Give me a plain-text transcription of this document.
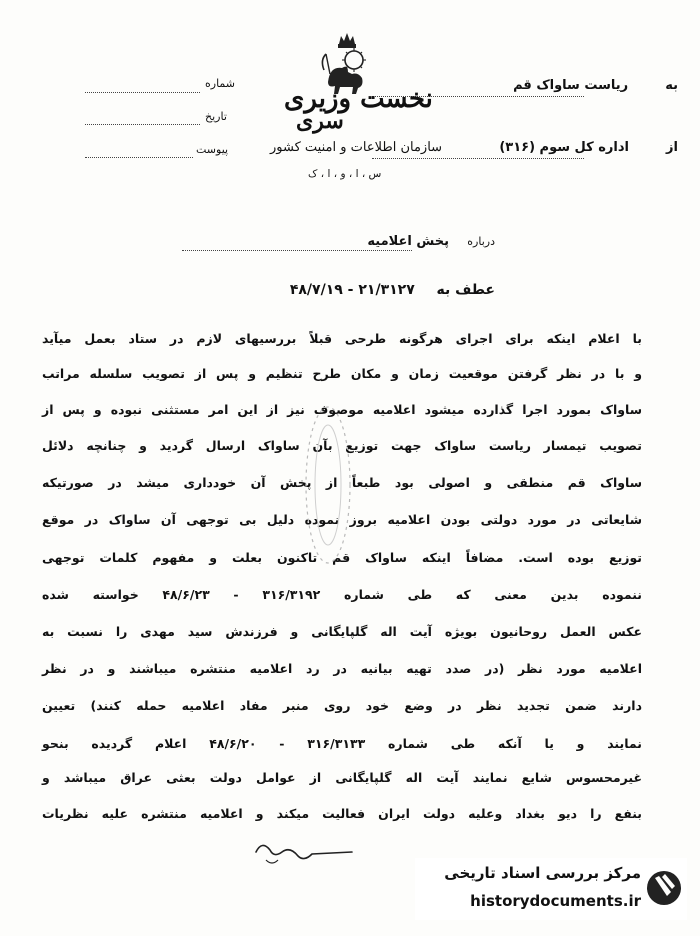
به  ریاست ساواک قم
از  اداره کل سوم (۳۱۶)
شماره
تاریخ
پیوست
نخست وزیری
سری
سازمان اطلاعات و امنیت کشور
س ، ا ، و ، ا ، ک
درباره  پخش اعلامیه
عطف به  ۲۱/۳۱۲۷ - ۴۸/۷/۱۹
با اعلام اینکه برای اجرای هرگونه طرحی قبلاً بررسیهای لازم در ستاد بعمل میآید
و با در نظر گرفتن موقعیت زمان و مکان طرح تنظیم و پس از تصویب سلسله مراتب
ساواک بمورد اجرا گذارده میشود اعلامیه موصوف نیز از این امر مستثنی نبوده و پس از
تصویب تیمسار ریاست ساواک جهت توزیع بآن ساواک ارسال گردید و چنانچه دلائل
ساواک قم منطقی و اصولی بود طبعاً از پخش آن خودداری میشد در صورتیکه
شایعاتی در مورد دولتی بودن اعلامیه بروز نموده دلیل بی توجهی آن ساواک در موقع
توزیع بوده است. مضافاً اینکه ساواک قم تاکنون بعلت و مفهوم کلمات توجهی
ننموده بدین معنی که طی شماره ۳۱۶/۳۱۹۲ - ۴۸/۶/۲۳ خواسته شده
عکس العمل روحانیون بویژه آیت اله گلپایگانی و فرزندش سید مهدی را نسبت به
اعلامیه مورد نظر (در صدد تهیه بیانیه در رد اعلامیه منتشره میباشند و در نظر
دارند ضمن تجدید نظر در وضع خود روی منبر مفاد اعلامیه حمله کنند) تعیین
نمایند و یا آنکه طی شماره ۳۱۶/۳۱۳۳ - ۴۸/۶/۲۰ اعلام گردیده بنحو
غیرمحسوس شایع نمایند آیت اله گلپایگانی از عوامل دولت بعثی عراق میباشد و
بنفع را دیو بغداد وعلیه دولت ایران فعالیت میکند و اعلامیه منتشره علیه نظریات
مرکز بررسی اسناد تاریخی
historydocuments.ir
